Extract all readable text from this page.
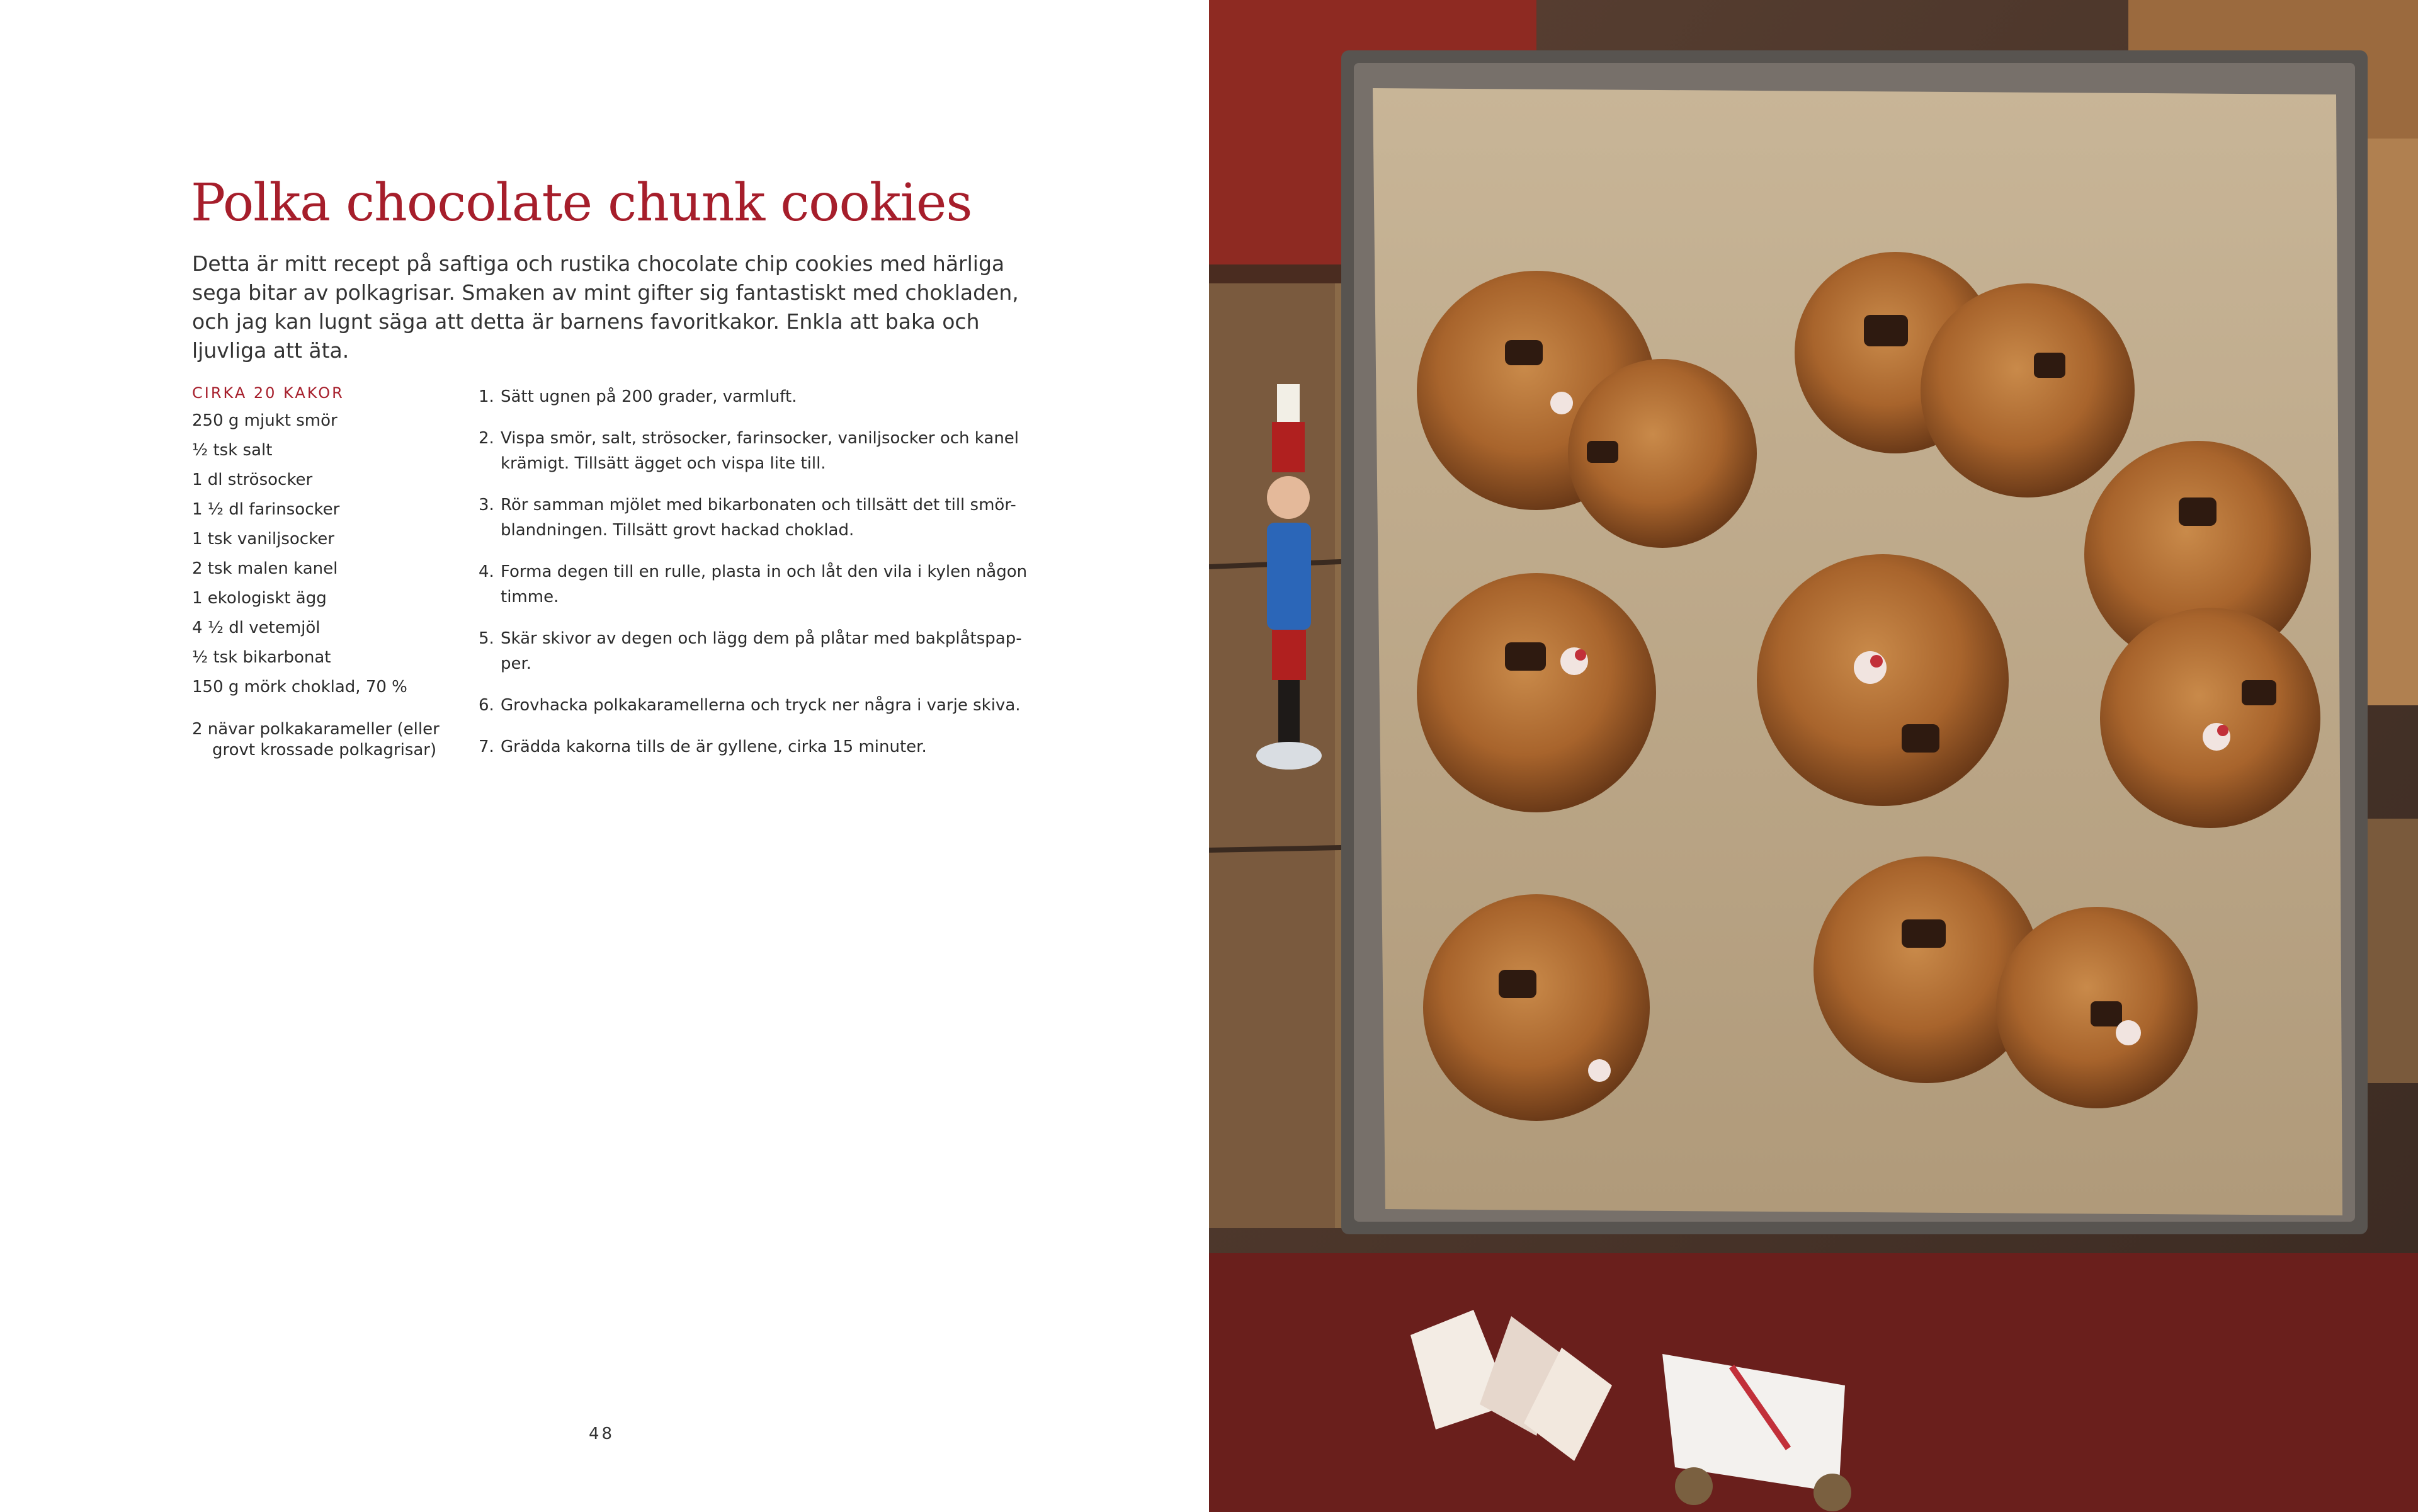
Polka chocolate chunk cookies

Detta är mitt recept på saftiga och rustika chocolate chip cookies med härliga sega bitar av polkagrisar. Smaken av mint gifter sig fantastiskt med chokladen, och jag kan lugnt säga att detta är barnens favoritkakor. Enkla att baka och ljuvliga att äta.

CIRKA 20 KAKOR
250 g mjukt smör
½ tsk salt
1 dl strösocker
1 ½ dl farinsocker
1 tsk vaniljsocker
2 tsk malen kanel
1 ekologiskt ägg
4 ½ dl vetemjöl
½ tsk bikarbonat
150 g mörk choklad, 70 %
2 nävar polkakarameller (eller
grovt krossade polkagrisar)
1. Sätt ugnen på 200 grader, varmluft.
2. Vispa smör, salt, strösocker, farinsocker, vaniljsocker och kanel krämigt. Tillsätt ägget och vispa lite till.
3. Rör samman mjölet med bikarbonaten och tillsätt det till smör-blandningen. Tillsätt grovt hackad choklad.
4. Forma degen till en rulle, plasta in och låt den vila i kylen någon timme.
5. Skär skivor av degen och lägg dem på plåtar med bakplåtspap-per.
6. Grovhacka polkakaramellerna och tryck ner några i varje skiva.
7. Grädda kakorna tills de är gyllene, cirka 15 minuter.
48
